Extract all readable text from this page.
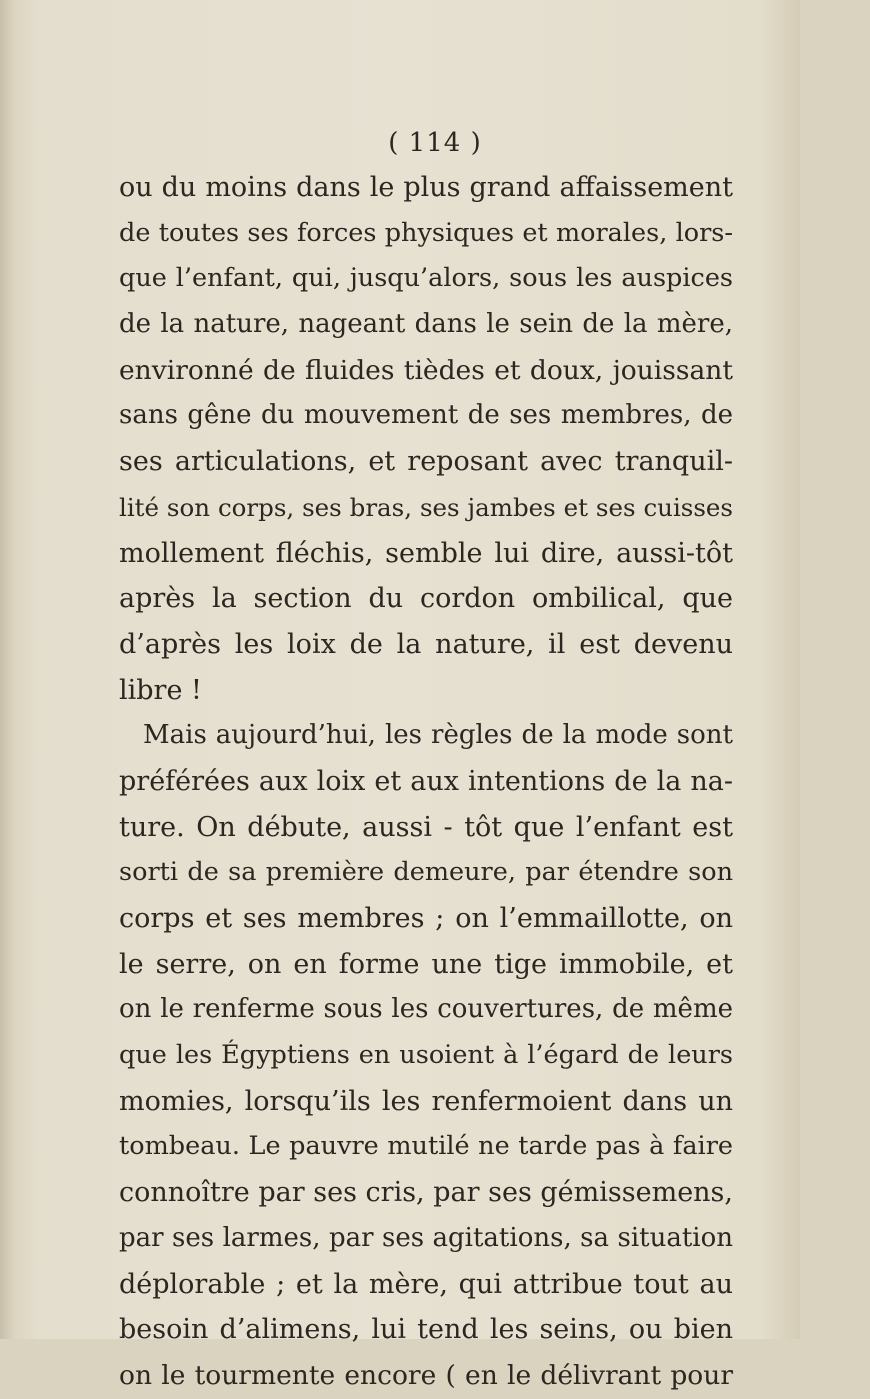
( 114 )
ou du moins dans le plus grand affaissement
de toutes ses forces physiques et morales, lors-
que l’enfant, qui, jusqu’alors, sous les auspices
de la nature, nageant dans le sein de la mère,
environné de fluides tièdes et doux, jouissant
sans gêne du mouvement de ses membres, de
ses articulations, et reposant avec tranquil-
lité son corps, ses bras, ses jambes et ses cuisses
mollement fléchis, semble lui dire, aussi-tôt
après la section du cordon ombilical, que
d’après les loix de la nature, il est devenu
libre !
Mais aujourd’hui, les règles de la mode sont
préférées aux loix et aux intentions de la na-
ture. On débute, aussi - tôt que l’enfant est
sorti de sa première demeure, par étendre son
corps et ses membres ; on l’emmaillotte, on
le serre, on en forme une tige immobile, et
on le renferme sous les couvertures, de même
que les Égyptiens en usoient à l’égard de leurs
momies, lorsqu’ils les renfermoient dans un
tombeau. Le pauvre mutilé ne tarde pas à faire
connoître par ses cris, par ses gémissemens,
par ses larmes, par ses agitations, sa situation
déplorable ; et la mère, qui attribue tout au
besoin d’alimens, lui tend les seins, ou bien
on le tourmente encore ( en le délivrant pour
